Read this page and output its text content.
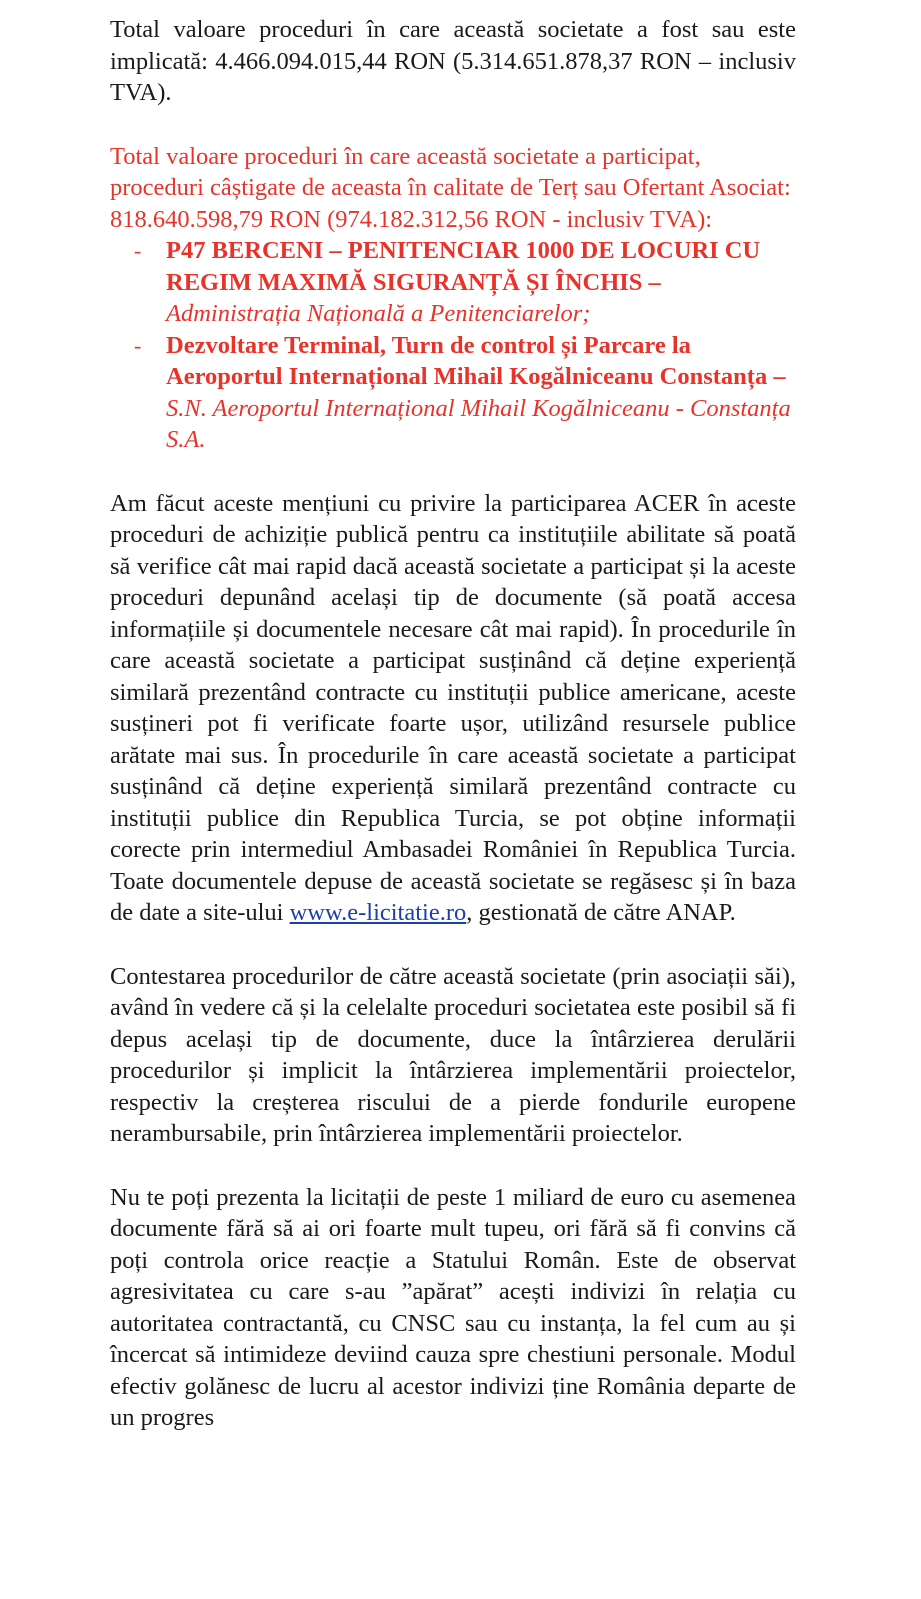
Total valoare proceduri în care această societate a fost sau este implicată: 4.466.094.015,44 RON (5.314.651.878,37 RON – inclusiv TVA).

Total valoare proceduri în care această societate a participat, proceduri câștigate de aceasta în calitate de Terț sau Ofertant Asociat: 818.640.598,79 RON (974.182.312,56 RON - inclusiv TVA):

- P47 BERCENI – PENITENCIAR 1000 DE LOCURI CU REGIM MAXIMĂ SIGURANȚĂ ȘI ÎNCHIS –
Administrația Națională a Penitenciarelor;
- Dezvoltare Terminal, Turn de control și Parcare la Aeroportul Internațional Mihail Kogălniceanu Constanța – S.N. Aeroportul Internațional Mihail Kogălniceanu - Constanța S.A.

Am făcut aceste mențiuni cu privire la participarea ACER în aceste proceduri de achiziție publică pentru ca instituțiile abilitate să poată să verifice cât mai rapid dacă această societate a participat și la aceste proceduri depunând același tip de documente (să poată accesa informațiile și documentele necesare cât mai rapid). În procedurile în care această societate a participat susținând că deține experiență similară prezentând contracte cu instituții publice americane, aceste susțineri pot fi verificate foarte ușor, utilizând resursele publice arătate mai sus. În procedurile în care această societate a participat susținând că deține experiență similară prezentând contracte cu instituții publice din Republica Turcia, se pot obține informații corecte prin intermediul Ambasadei României în Republica Turcia. Toate documentele depuse de această societate se regăsesc și în baza de date a site-ului www.e-licitatie.ro, gestionată de către ANAP.

Contestarea procedurilor de către această societate (prin asociații săi), având în vedere că și la celelalte proceduri societatea este posibil să fi depus același tip de documente, duce la întârzierea derulării procedurilor și implicit la întârzierea implementării proiectelor, respectiv la creșterea riscului de a pierde fondurile europene nerambursabile, prin întârzierea implementării proiectelor.

Nu te poți prezenta la licitații de peste 1 miliard de euro cu asemenea documente fără să ai ori foarte mult tupeu, ori fără să fi convins că poți controla orice reacție a Statului Român. Este de observat agresivitatea cu care s-au ”apărat” acești indivizi în relația cu autoritatea contractantă, cu CNSC sau cu instanța, la fel cum au și încercat să intimideze deviind cauza spre chestiuni personale. Modul efectiv golănesc de lucru al acestor indivizi ține România departe de un progres
